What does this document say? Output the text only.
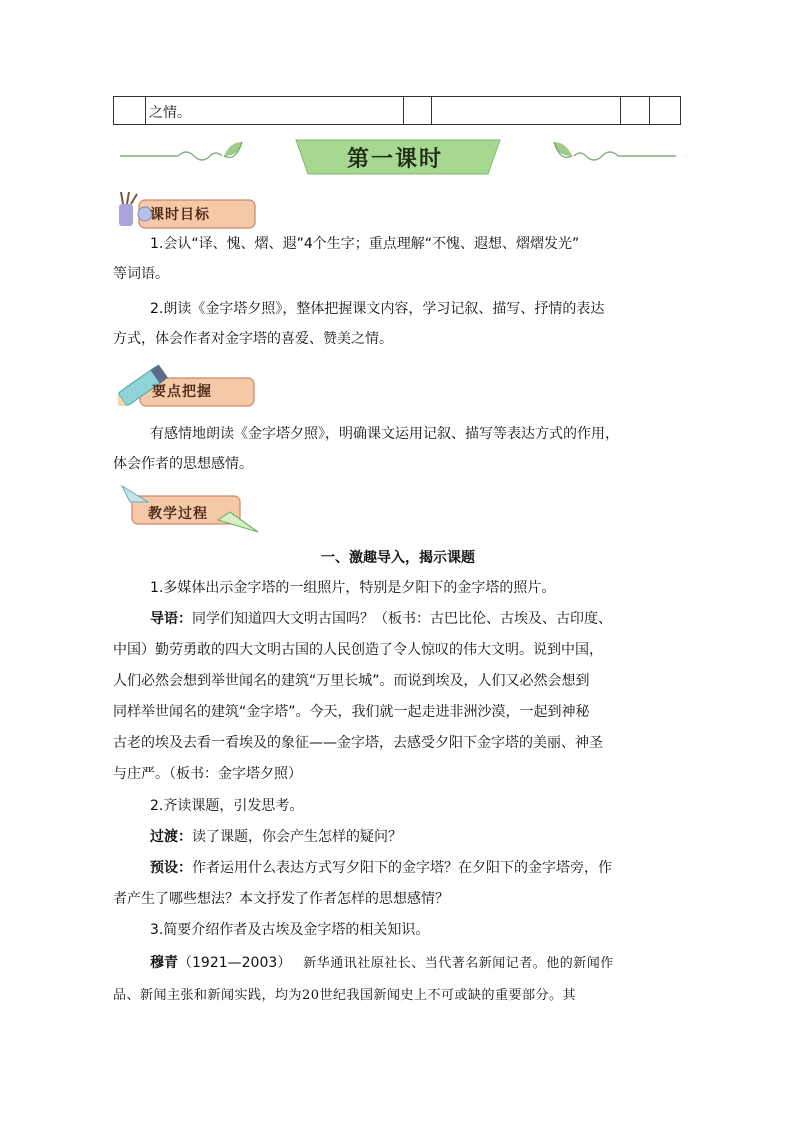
之情。
第一课时
课时目标
1.会认“译、愧、熠、遐”4个生字；重点理解“不愧、遐想、熠熠发光”
等词语。
2.朗读《金字塔夕照》，整体把握课文内容，学习记叙、描写、抒情的表达
方式，体会作者对金字塔的喜爱、赞美之情。
要点把握
有感情地朗读《金字塔夕照》，明确课文运用记叙、描写等表达方式的作用，
体会作者的思想感情。
教学过程
一、激趣导入，揭示课题
1.多媒体出示金字塔的一组照片，特别是夕阳下的金字塔的照片。
导语：同学们知道四大文明古国吗？（板书：古巴比伦、古埃及、古印度、
中国）勤劳勇敢的四大文明古国的人民创造了令人惊叹的伟大文明。说到中国，
人们必然会想到举世闻名的建筑“万里长城”。而说到埃及，人们又必然会想到
同样举世闻名的建筑“金字塔”。今天，我们就一起走进非洲沙漠，一起到神秘
古老的埃及去看一看埃及的象征——金字塔，去感受夕阳下金字塔的美丽、神圣
与庄严。（板书：金字塔夕照）
2.齐读课题，引发思考。
过渡：读了课题，你会产生怎样的疑问？
预设：作者运用什么表达方式写夕阳下的金字塔？在夕阳下的金字塔旁，作
者产生了哪些想法？本文抒发了作者怎样的思想感情？
3.简要介绍作者及古埃及金字塔的相关知识。
穆青（1921—2003） 新华通讯社原社长、当代著名新闻记者。他的新闻作
品、新闻主张和新闻实践，均为20世纪我国新闻史上不可或缺的重要部分。其
